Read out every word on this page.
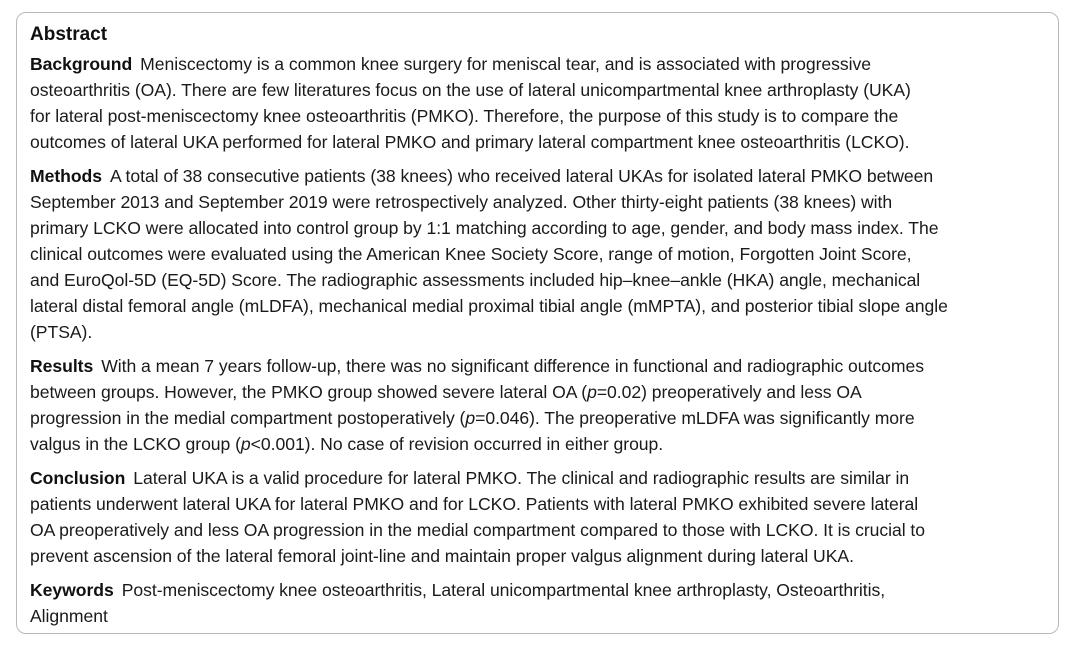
Abstract
Background Meniscectomy is a common knee surgery for meniscal tear, and is associated with progressive
osteoarthritis (OA). There are few literatures focus on the use of lateral unicompartmental knee arthroplasty (UKA)
for lateral post-meniscectomy knee osteoarthritis (PMKO). Therefore, the purpose of this study is to compare the
outcomes of lateral UKA performed for lateral PMKO and primary lateral compartment knee osteoarthritis (LCKO).
Methods A total of 38 consecutive patients (38 knees) who received lateral UKAs for isolated lateral PMKO between
September 2013 and September 2019 were retrospectively analyzed. Other thirty-eight patients (38 knees) with
primary LCKO were allocated into control group by 1:1 matching according to age, gender, and body mass index. The
clinical outcomes were evaluated using the American Knee Society Score, range of motion, Forgotten Joint Score,
and EuroQol-5D (EQ-5D) Score. The radiographic assessments included hip–knee–ankle (HKA) angle, mechanical
lateral distal femoral angle (mLDFA), mechanical medial proximal tibial angle (mMPTA), and posterior tibial slope angle
(PTSA).
Results With a mean 7 years follow-up, there was no significant difference in functional and radiographic outcomes
between groups. However, the PMKO group showed severe lateral OA (p=0.02) preoperatively and less OA
progression in the medial compartment postoperatively (p=0.046). The preoperative mLDFA was significantly more
valgus in the LCKO group (p<0.001). No case of revision occurred in either group.
Conclusion Lateral UKA is a valid procedure for lateral PMKO. The clinical and radiographic results are similar in
patients underwent lateral UKA for lateral PMKO and for LCKO. Patients with lateral PMKO exhibited severe lateral
OA preoperatively and less OA progression in the medial compartment compared to those with LCKO. It is crucial to
prevent ascension of the lateral femoral joint-line and maintain proper valgus alignment during lateral UKA.
Keywords Post-meniscectomy knee osteoarthritis, Lateral unicompartmental knee arthroplasty, Osteoarthritis,
Alignment
